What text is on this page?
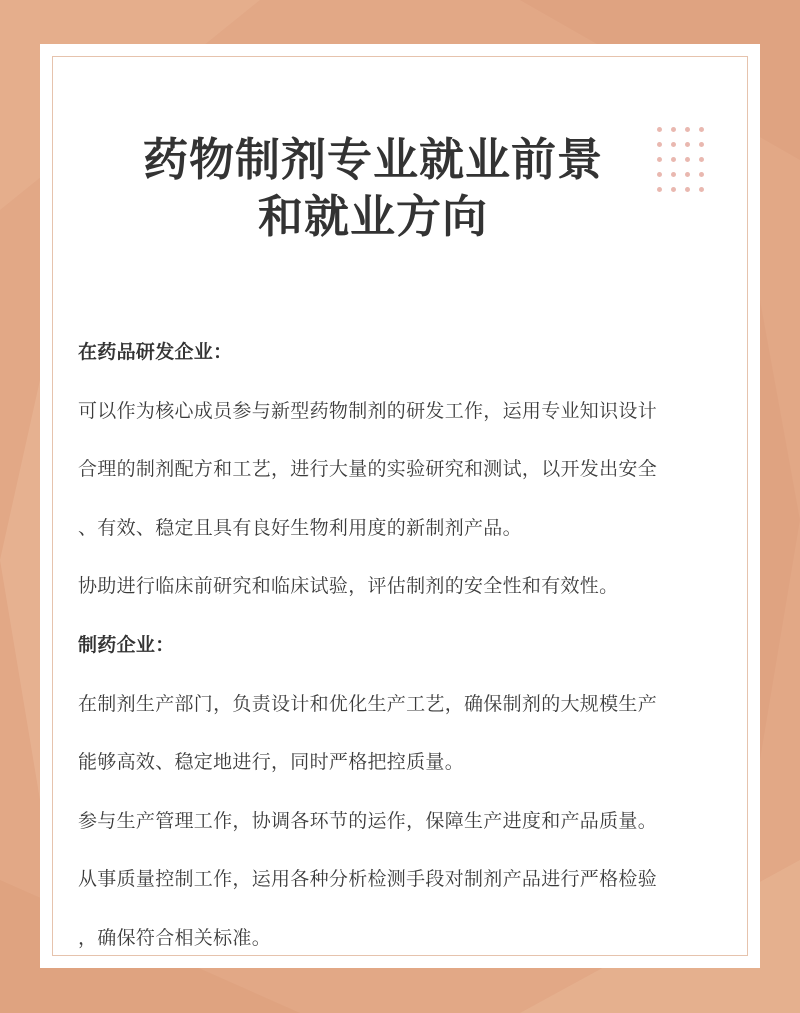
药物制剂专业就业前景
和就业方向

在药品研发企业：

可以作为核心成员参与新型药物制剂的研发工作，运用专业知识设计

合理的制剂配方和工艺，进行大量的实验研究和测试，以开发出安全

、有效、稳定且具有良好生物利用度的新制剂产品。

协助进行临床前研究和临床试验，评估制剂的安全性和有效性。

制药企业：

在制剂生产部门，负责设计和优化生产工艺，确保制剂的大规模生产

能够高效、稳定地进行，同时严格把控质量。

参与生产管理工作，协调各环节的运作，保障生产进度和产品质量。

从事质量控制工作，运用各种分析检测手段对制剂产品进行严格检验

，确保符合相关标准。
